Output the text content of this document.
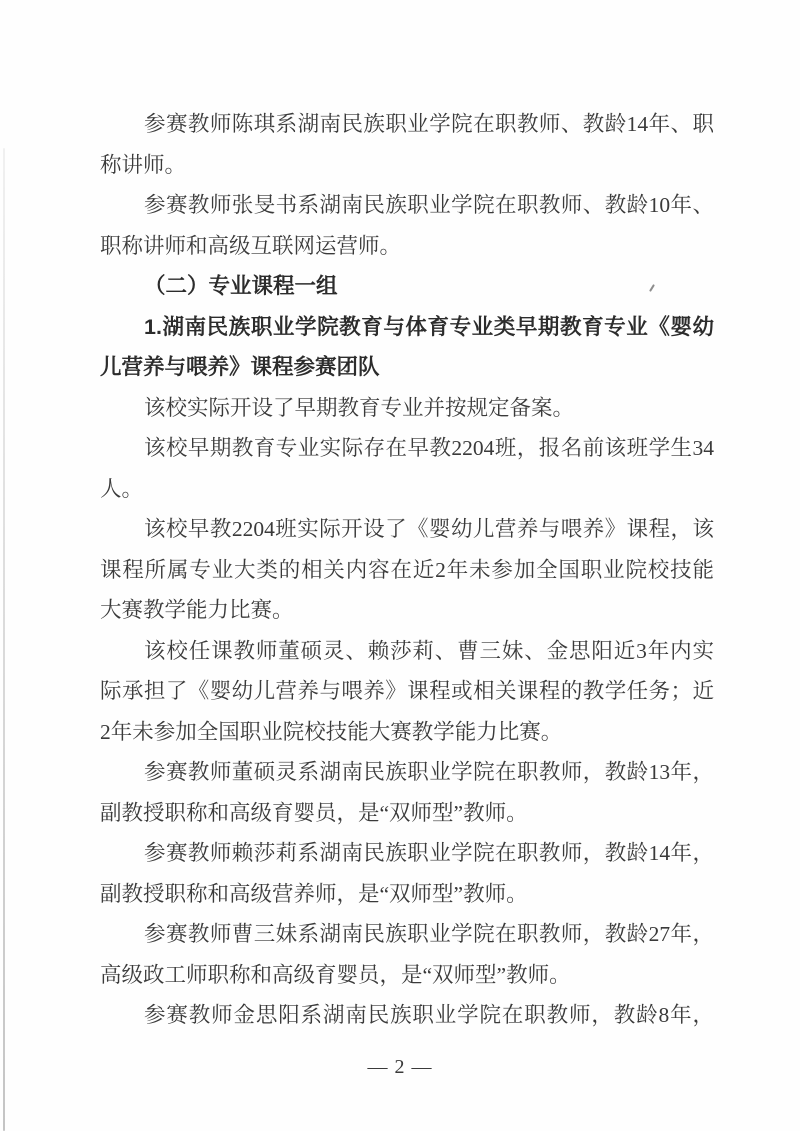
参赛教师陈琪系湖南民族职业学院在职教师、教龄14年、职
称讲师。
参赛教师张旻书系湖南民族职业学院在职教师、教龄10年、
职称讲师和高级互联网运营师。
（二）专业课程一组
1.湖南民族职业学院教育与体育专业类早期教育专业《婴幼
儿营养与喂养》课程参赛团队
该校实际开设了早期教育专业并按规定备案。
该校早期教育专业实际存在早教2204班，报名前该班学生34
人。
该校早教2204班实际开设了《婴幼儿营养与喂养》课程，该
课程所属专业大类的相关内容在近2年未参加全国职业院校技能
大赛教学能力比赛。
该校任课教师董硕灵、赖莎莉、曹三妹、金思阳近3年内实
际承担了《婴幼儿营养与喂养》课程或相关课程的教学任务；近
2年未参加全国职业院校技能大赛教学能力比赛。
参赛教师董硕灵系湖南民族职业学院在职教师，教龄13年，
副教授职称和高级育婴员，是“双师型”教师。
参赛教师赖莎莉系湖南民族职业学院在职教师，教龄14年，
副教授职称和高级营养师，是“双师型”教师。
参赛教师曹三妹系湖南民族职业学院在职教师，教龄27年，
高级政工师职称和高级育婴员，是“双师型”教师。
参赛教师金思阳系湖南民族职业学院在职教师，教龄8年，
— 2 —
